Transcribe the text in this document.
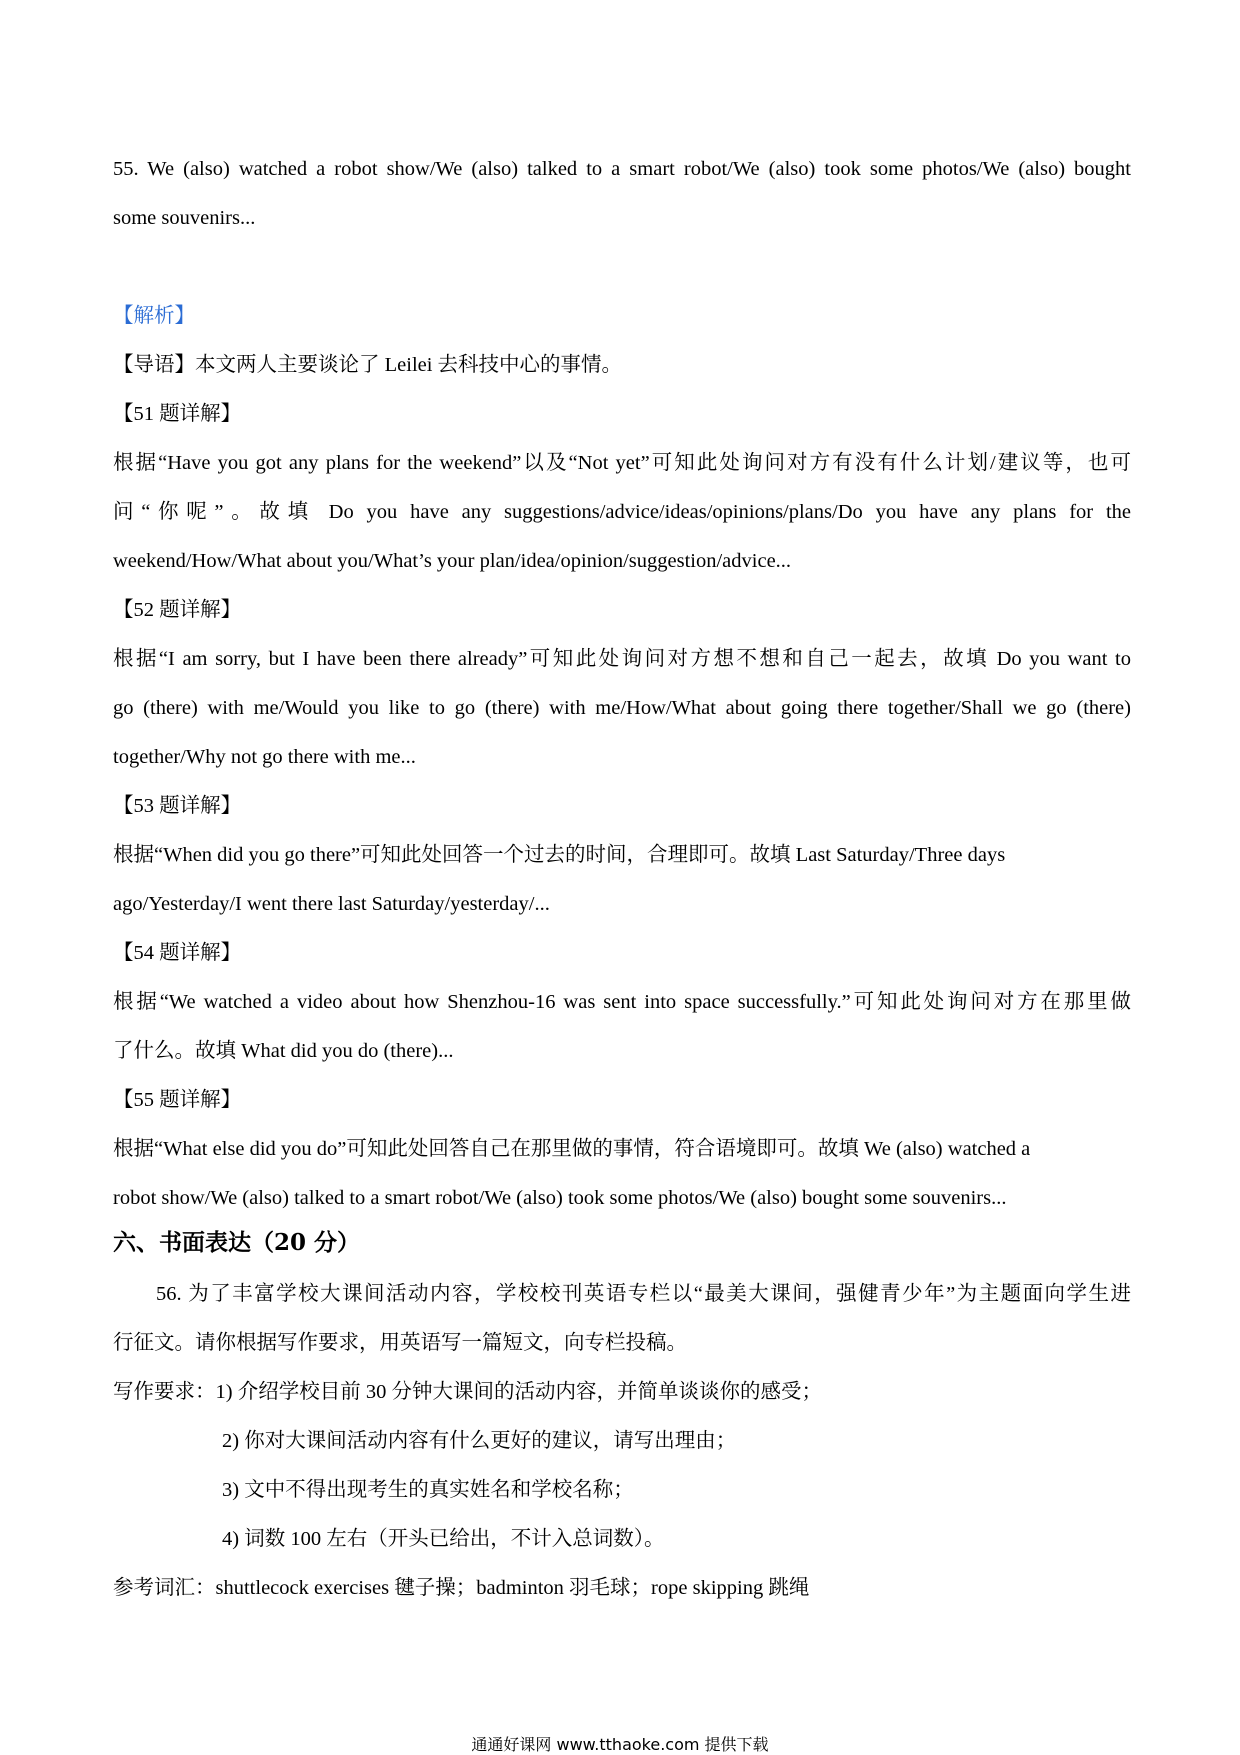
55. We (also) watched a robot show/We (also) talked to a smart robot/We (also) took some photos/We (also) bought
some souvenirs...
【解析】
【导语】本文两人主要谈论了 Leilei 去科技中心的事情。
【51 题详解】
根据“Have you got any plans for the weekend”以及“Not yet”可知此处询问对方有没有什么计划/建议等，也可
问“你呢”。故填 Do you have any suggestions/advice/ideas/opinions/plans/Do you have any plans for the
weekend/How/What about you/What’s your plan/idea/opinion/suggestion/advice...
【52 题详解】
根据“I am sorry, but I have been there already”可知此处询问对方想不想和自己一起去，故填 Do you want to
go (there) with me/Would you like to go (there) with me/How/What about going there together/Shall we go (there)
together/Why not go there with me...
【53 题详解】
根据“When did you go there”可知此处回答一个过去的时间，合理即可。故填 Last Saturday/Three days
ago/Yesterday/I went there last Saturday/yesterday/...
【54 题详解】
根据“We watched a video about how Shenzhou-16 was sent into space successfully.”可知此处询问对方在那里做
了什么。故填 What did you do (there)...
【55 题详解】
根据“What else did you do”可知此处回答自己在那里做的事情，符合语境即可。故填 We (also) watched a
robot show/We (also) talked to a smart robot/We (also) took some photos/We (also) bought some souvenirs...
六、书面表达（20 分）
56. 为了丰富学校大课间活动内容，学校校刊英语专栏以“最美大课间，强健青少年”为主题面向学生进
行征文。请你根据写作要求，用英语写一篇短文，向专栏投稿。
写作要求：1) 介绍学校目前 30 分钟大课间的活动内容，并简单谈谈你的感受；
2) 你对大课间活动内容有什么更好的建议，请写出理由；
3) 文中不得出现考生的真实姓名和学校名称；
4) 词数 100 左右（开头已给出，不计入总词数）。
参考词汇：shuttlecock exercises 毽子操；badminton 羽毛球；rope skipping 跳绳
通通好课网 www.tthaoke.com 提供下载
